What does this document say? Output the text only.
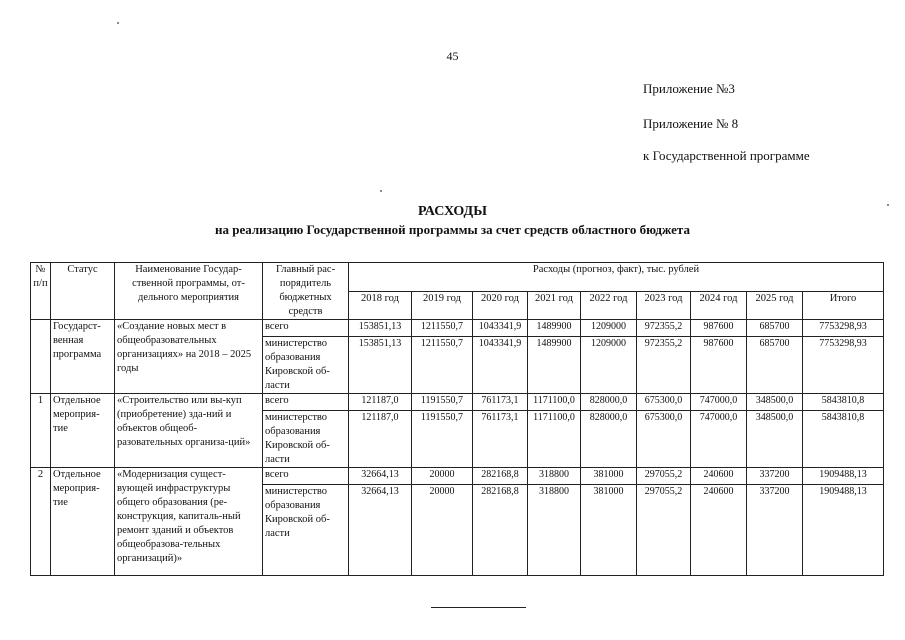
45
Приложение №3
Приложение № 8
к Государственной программе
РАСХОДЫ
на реализацию Государственной программы за счет средств областного бюджета
№ п/п	Статус	Наименование Государ-ственной программы, от-дельного мероприятия	Главный рас-порядитель бюджетных средств	Расходы (прогноз, факт), тыс. рублей								
				2018 год	2019 год	2020 год	2021 год	2022 год	2023 год	2024 год	2025 год	Итого
	Государст-венная программа	«Создание новых мест в общеобразовательных организациях» на 2018 – 2025 годы	всего	153851,13	1211550,7	1043341,9	1489900	1209000	972355,2	987600	685700	7753298,93
			министерство образования Кировской об-ласти	153851,13	1211550,7	1043341,9	1489900	1209000	972355,2	987600	685700	7753298,93
1	Отдельное мероприя-тие	«Строительство или вы-куп (приобретение) зда-ний и объектов общеоб-разовательных организа-ций»	всего	121187,0	1191550,7	761173,1	1171100,0	828000,0	675300,0	747000,0	348500,0	5843810,8
			министерство образования Кировской об-ласти	121187,0	1191550,7	761173,1	1171100,0	828000,0	675300,0	747000,0	348500,0	5843810,8
2	Отдельное мероприя-тие	«Модернизация сущест-вующей инфраструктуры общего образования (ре-конструкция, капиталь-ный ремонт зданий и объектов общеобразова-тельных организаций)»	всего	32664,13	20000	282168,8	318800	381000	297055,2	240600	337200	1909488,13
			министерство образования Кировской об-ласти	32664,13	20000	282168,8	318800	381000	297055,2	240600	337200	1909488,13
